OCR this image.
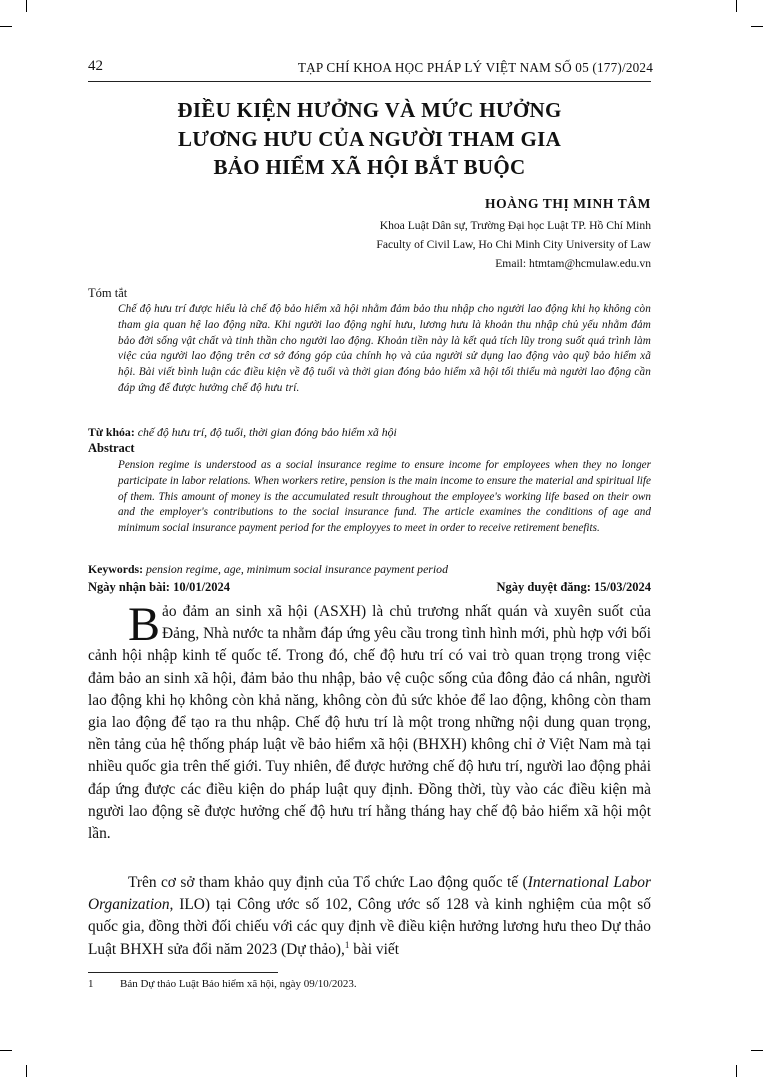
42	TẠP CHÍ KHOA HỌC PHÁP LÝ VIỆT NAM SỐ 05 (177)/2024
ĐIỀU KIỆN HƯỞNG VÀ MỨC HƯỞNG
LƯƠNG HƯU CỦA NGƯỜI THAM GIA
BẢO HIỂM XÃ HỘI BẮT BUỘC
HOÀNG THỊ MINH TÂM
Khoa Luật Dân sự, Trường Đại học Luật TP. Hồ Chí Minh
Faculty of Civil Law, Ho Chi Minh City University of Law
Email: htmtam@hcmulaw.edu.vn
Tóm tắt
Chế độ hưu trí được hiểu là chế độ bảo hiểm xã hội nhằm đảm bảo thu nhập cho người lao động khi họ không còn tham gia quan hệ lao động nữa. Khi người lao động nghỉ hưu, lương hưu là khoản thu nhập chủ yếu nhằm đảm bảo đời sống vật chất và tinh thần cho người lao động. Khoản tiền này là kết quả tích lũy trong suốt quá trình làm việc của người lao động trên cơ sở đóng góp của chính họ và của người sử dụng lao động vào quỹ bảo hiểm xã hội. Bài viết bình luận các điều kiện về độ tuổi và thời gian đóng bảo hiểm xã hội tối thiểu mà người lao động cần đáp ứng để được hưởng chế độ hưu trí.
Từ khóa: chế độ hưu trí, độ tuổi, thời gian đóng bảo hiểm xã hội
Abstract
Pension regime is understood as a social insurance regime to ensure income for employees when they no longer participate in labor relations. When workers retire, pension is the main income to ensure the material and spiritual life of them. This amount of money is the accumulated result throughout the employee's working life based on their own and the employer's contributions to the social insurance fund. The article examines the conditions of age and minimum social insurance payment period for the employyes to meet in order to receive retirement benefits.
Keywords: pension regime, age, minimum social insurance payment period
Ngày nhận bài: 10/01/2024	Ngày duyệt đăng: 15/03/2024
Bảo đảm an sinh xã hội (ASXH) là chủ trương nhất quán và xuyên suốt của Đảng, Nhà nước ta nhằm đáp ứng yêu cầu trong tình hình mới, phù hợp với bối cảnh hội nhập kinh tế quốc tế. Trong đó, chế độ hưu trí có vai trò quan trọng trong việc đảm bảo an sinh xã hội, đảm bảo thu nhập, bảo vệ cuộc sống của đông đảo cá nhân, người lao động khi họ không còn khả năng, không còn đủ sức khỏe để lao động, không còn tham gia lao động để tạo ra thu nhập. Chế độ hưu trí là một trong những nội dung quan trọng, nền tảng của hệ thống pháp luật về bảo hiểm xã hội (BHXH) không chỉ ở Việt Nam mà tại nhiều quốc gia trên thế giới. Tuy nhiên, để được hưởng chế độ hưu trí, người lao động phải đáp ứng được các điều kiện do pháp luật quy định. Đồng thời, tùy vào các điều kiện mà người lao động sẽ được hưởng chế độ hưu trí hằng tháng hay chế độ bảo hiểm xã hội một lần.
Trên cơ sở tham khảo quy định của Tổ chức Lao động quốc tế (International Labor Organization, ILO) tại Công ước số 102, Công ước số 128 và kinh nghiệm của một số quốc gia, đồng thời đối chiếu với các quy định về điều kiện hưởng lương hưu theo Dự thảo Luật BHXH sửa đổi năm 2023 (Dự thảo),$^1$ bài viết
1 Bản Dự thảo Luật Bảo hiểm xã hội, ngày 09/10/2023.
